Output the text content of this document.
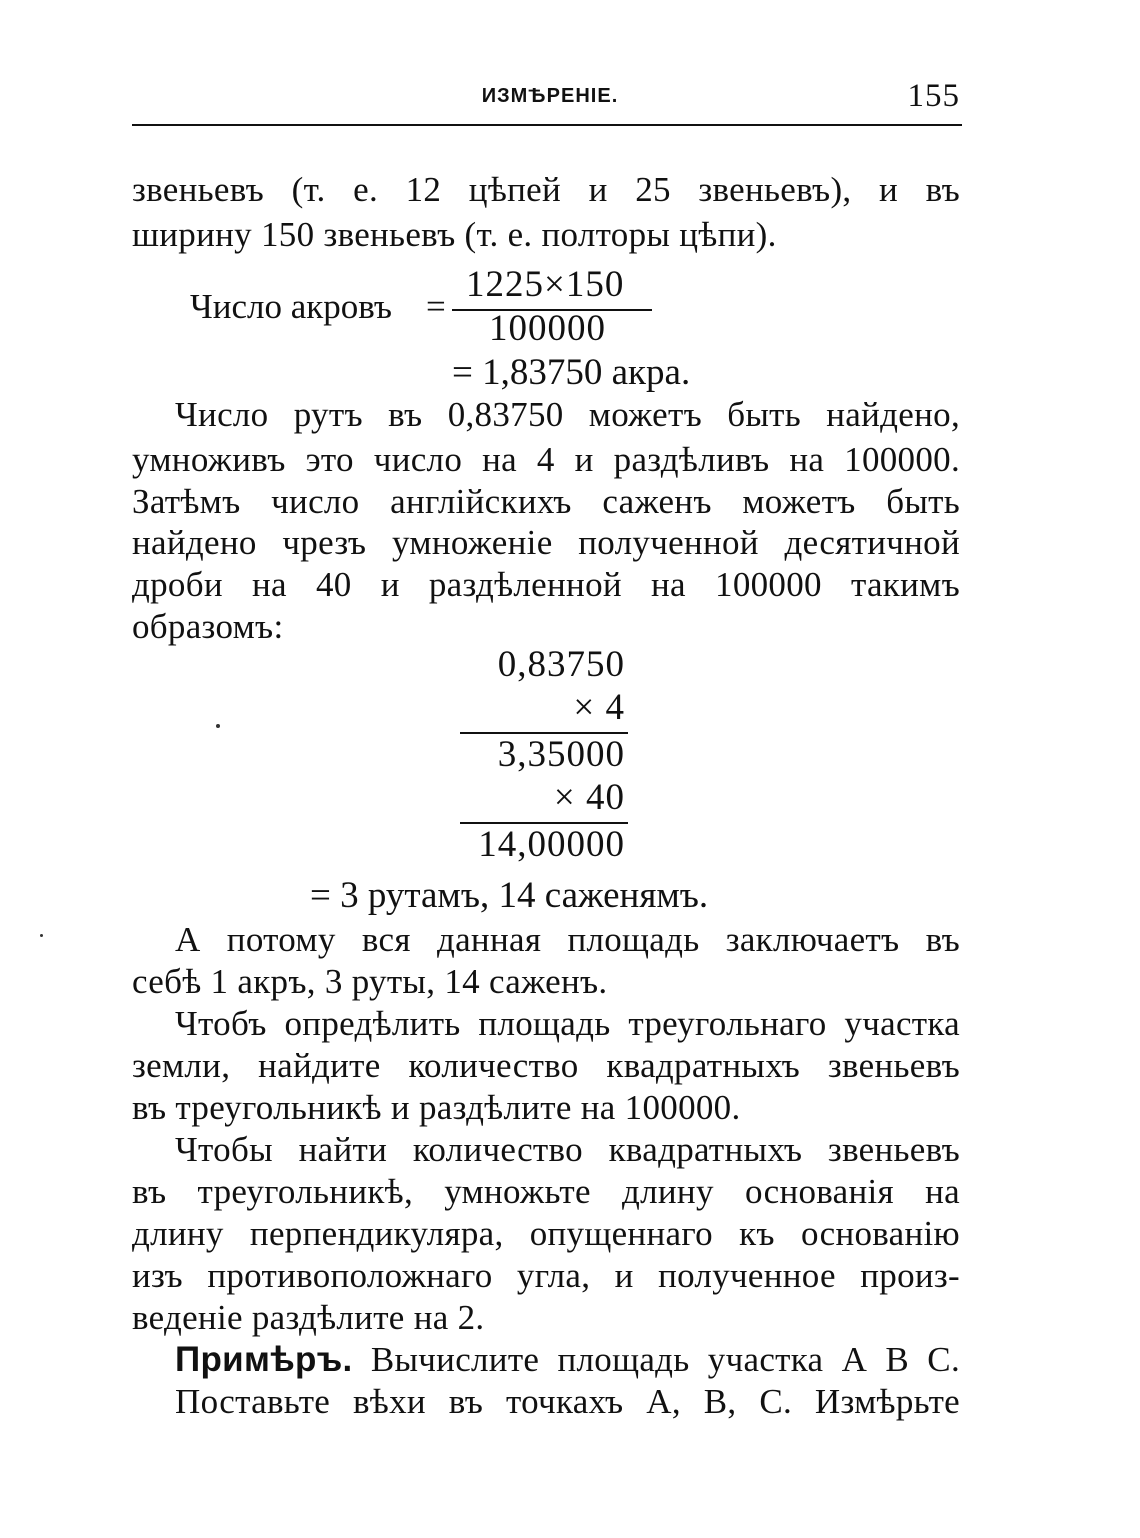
ИЗМѢРЕНІЕ.	155
звеньевъ (т. е. 12 цѣпей и 25 звеньевъ), и въ
ширину 150 звеньевъ (т. е. полторы цѣпи).
Число акровъ =
1225×150
100000
= 1,83750 акра.
Число рутъ въ 0,83750 можетъ быть найдено,
умноживъ это число на 4 и раздѣливъ на 100000.
Затѣмъ число англійскихъ саженъ можетъ быть
найдено чрезъ умноженіе полученной десятичной
дроби на 40 и раздѣленной на 100000 такимъ
образомъ:
0,83750
× 4
3,35000
× 40
14,00000
= 3 рутамъ, 14 саженямъ.
А потому вся данная площадь заключаетъ въ
себѣ 1 акръ, 3 руты, 14 саженъ.
Чтобъ опредѣлить площадь треугольнаго участка
земли, найдите количество квадратныхъ звеньевъ
въ треугольникѣ и раздѣлите на 100000.
Чтобы найти количество квадратныхъ звеньевъ
въ треугольникѣ, умножьте длину основанія на
длину перпендикуляра, опущеннаго къ основанію
изъ противоположнаго угла, и полученное произ-
веденіе раздѣлите на 2.
Примѣръ. Вычислите площадь участка А В С.
Поставьте вѣхи въ точкахъ А, В, С. Измѣрьте
